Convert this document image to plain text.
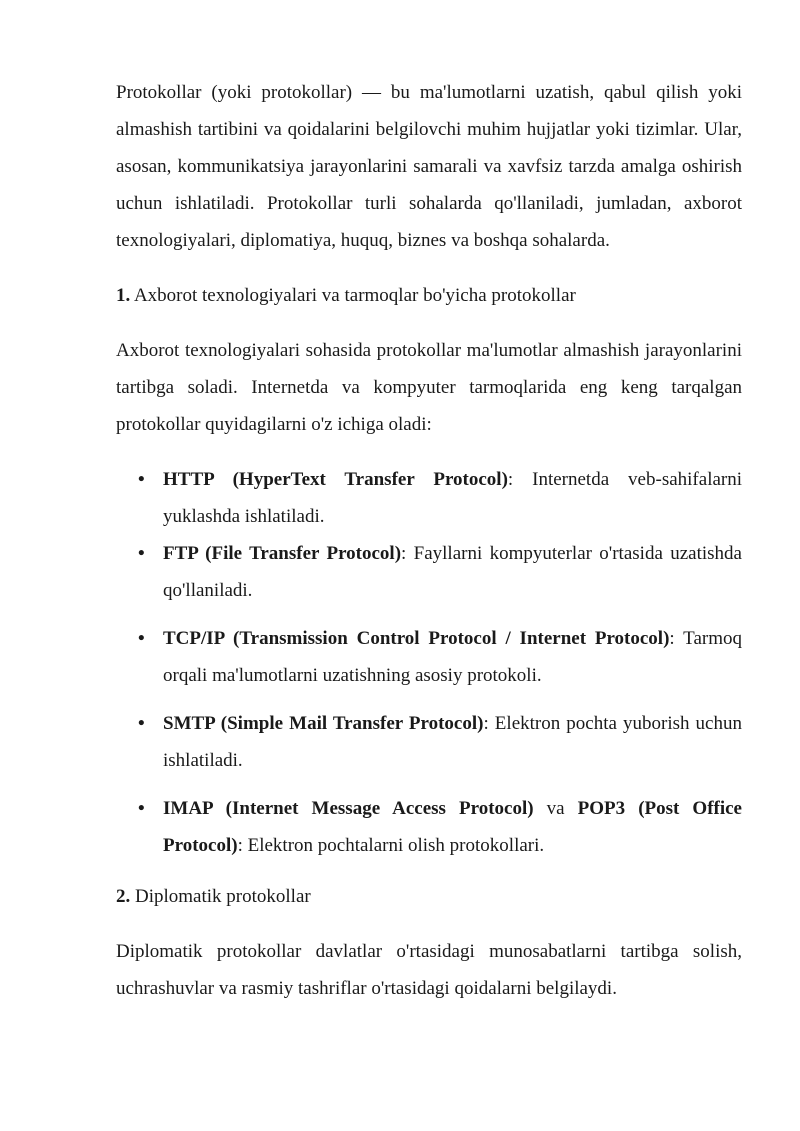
Protokollar (yoki protokollar) — bu ma'lumotlarni uzatish, qabul qilish yoki almashish tartibini va qoidalarini belgilovchi muhim hujjatlar yoki tizimlar. Ular, asosan, kommunikatsiya jarayonlarini samarali va xavfsiz tarzda amalga oshirish uchun ishlatiladi. Protokollar turli sohalarda qo'llaniladi, jumladan, axborot texnologiyalari, diplomatiya, huquq, biznes va boshqa sohalarda.

1. Axborot texnologiyalari va tarmoqlar bo'yicha protokollar

Axborot texnologiyalari sohasida protokollar ma'lumotlar almashish jarayonlarini tartibga soladi. Internetda va kompyuter tarmoqlarida eng keng tarqalgan protokollar quyidagilarni o'z ichiga oladi:

• HTTP (HyperText Transfer Protocol): Internetda veb-sahifalarni yuklashda ishlatiladi.
• FTP (File Transfer Protocol): Fayllarni kompyuterlar o'rtasida uzatishda qo'llaniladi.
• TCP/IP (Transmission Control Protocol / Internet Protocol): Tarmoq orqali ma'lumotlarni uzatishning asosiy protokoli.
• SMTP (Simple Mail Transfer Protocol): Elektron pochta yuborish uchun ishlatiladi.
• IMAP (Internet Message Access Protocol) va POP3 (Post Office Protocol): Elektron pochtalarni olish protokollari.

2. Diplomatik protokollar

Diplomatik protokollar davlatlar o'rtasidagi munosabatlarni tartibga solish, uchrashuvlar va rasmiy tashriflar o'rtasidagi qoidalarni belgilaydi.
